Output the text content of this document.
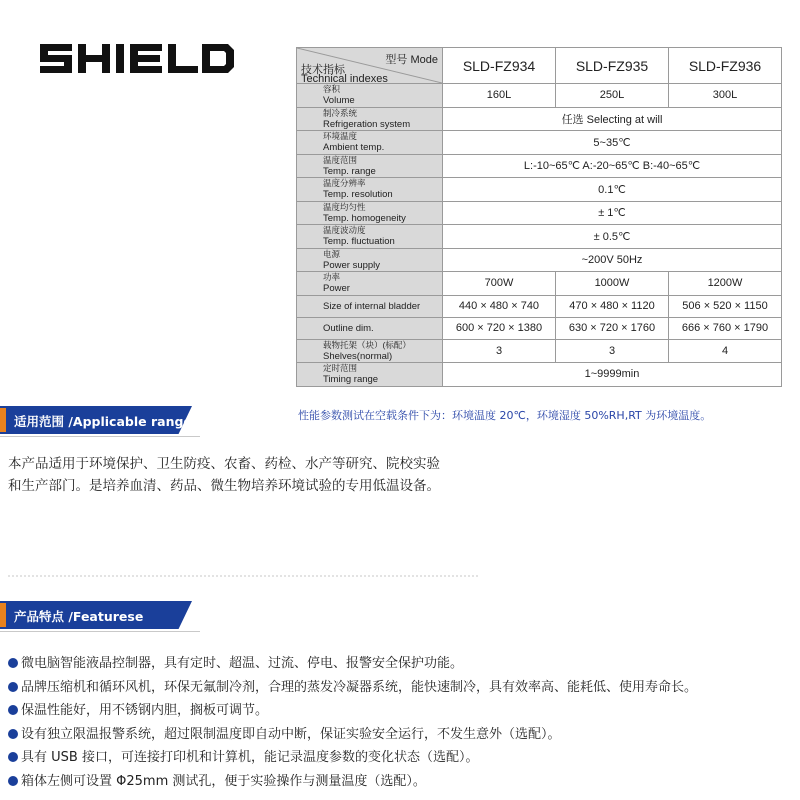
型号 Mode
技术指标
Technical indexes	SLD-FZ934	SLD-FZ935	SLD-FZ936

容积
Volume	160L	250L	300L

制冷系统
Refrigeration system	任选 Selecting at will		

环境温度
Ambient temp.	5~35℃		

温度范围
Temp. range	L:-10~65℃ A:-20~65℃ B:-40~65℃		

温度分辨率
Temp. resolution	0.1℃		

温度均匀性
Temp. homogeneity	± 1℃		

温度波动度
Temp. fluctuation	± 0.5℃		

电源
Power supply	~200V 50Hz		

功率
Power	700W	1000W	1200W

Size of internal bladder	440 × 480 × 740	470 × 480 × 1120	506 × 520 × 1150

Outline dim.	600 × 720 × 1380	630 × 720 × 1760	666 × 760 × 1790

载物托架（块）(标配）
Shelves(normal)	3	3	4

定时范围
Timing range	1~9999min		
性能参数测试在空载条件下为：环境温度 20℃，环境湿度 50%RH,RT 为环境温度。
适用范围 /Applicable range
本产品适用于环境保护、卫生防疫、农畜、药检、水产等研究、院校实验
和生产部门。是培养血清、药品、微生物培养环境试验的专用低温设备。
产品特点 /Featurese
微电脑智能液晶控制器，具有定时、超温、过流、停电、报警安全保护功能。
品牌压缩机和循环风机，环保无氟制冷剂，合理的蒸发冷凝器系统，能快速制冷，具有效率高、能耗低、使用寿命长。
保温性能好，用不锈钢内胆，搁板可调节。
设有独立限温报警系统，超过限制温度即自动中断，保证实验安全运行，不发生意外（选配）。
具有 USB 接口，可连接打印机和计算机，能记录温度参数的变化状态（选配）。
箱体左侧可设置 Φ25mm 测试孔，便于实验操作与测量温度（选配）。
